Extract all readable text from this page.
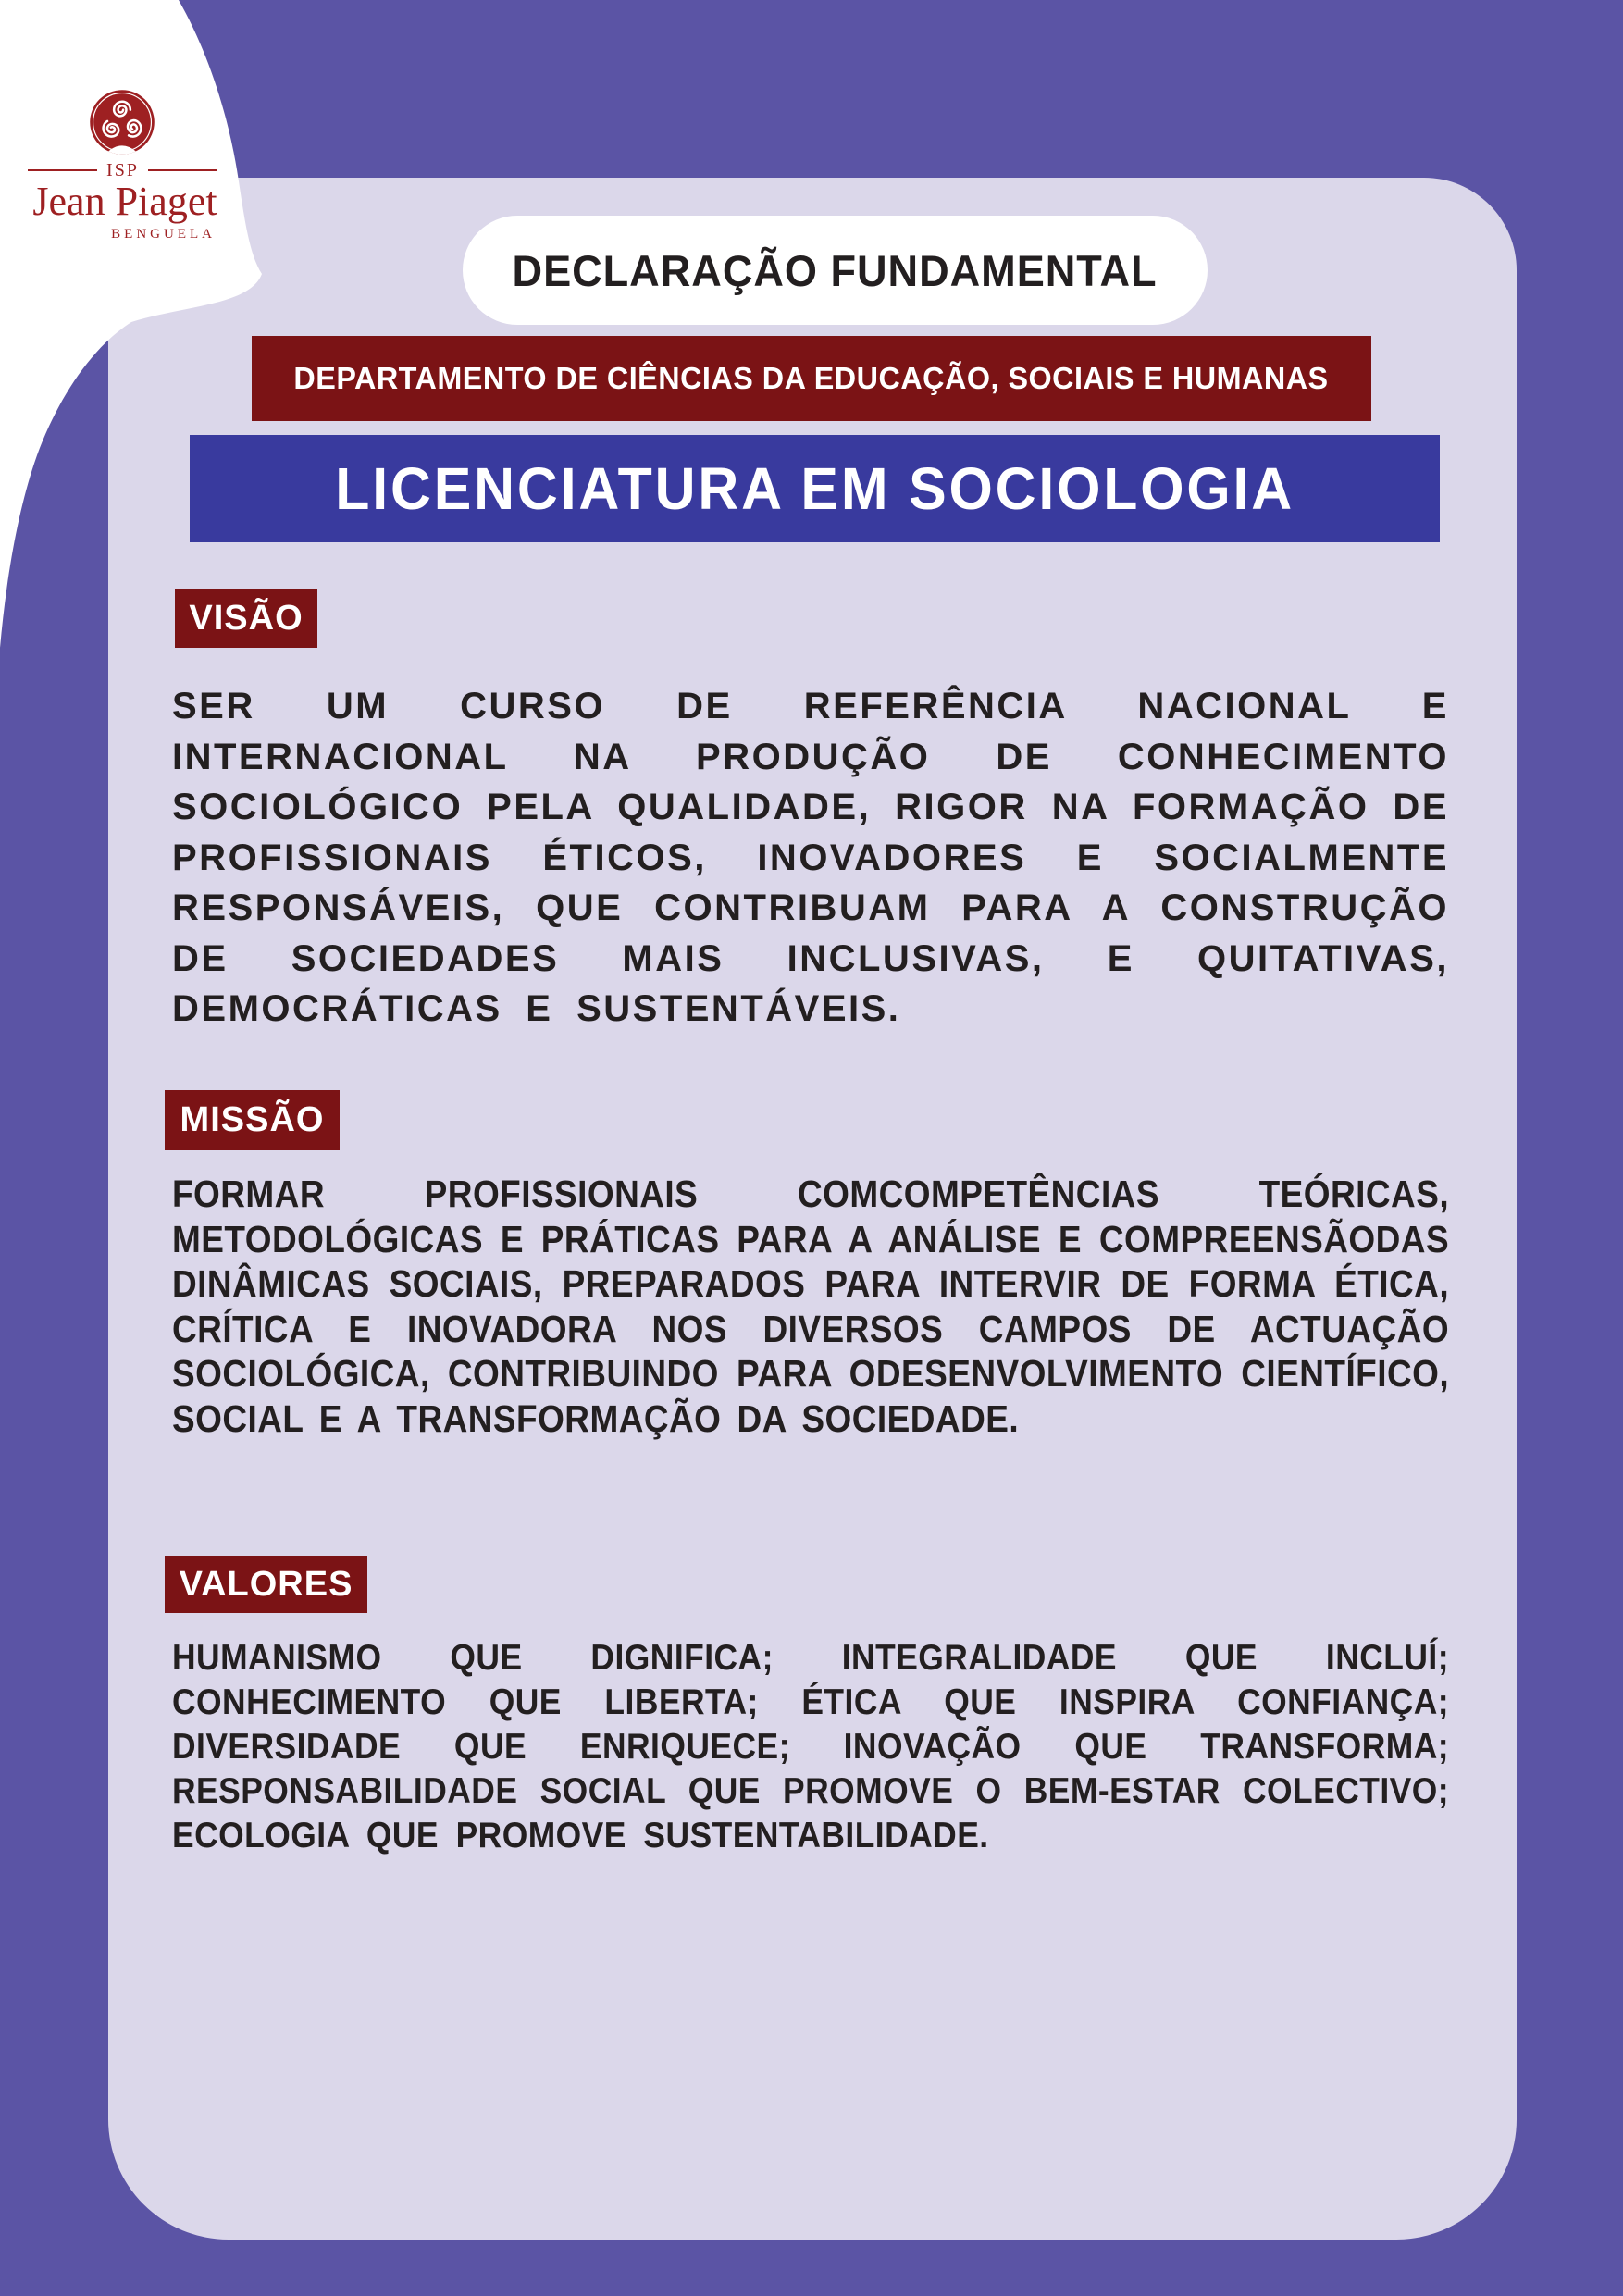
ISP
Jean Piaget
BENGUELA
DECLARAÇÃO FUNDAMENTAL
DEPARTAMENTO DE CIÊNCIAS DA EDUCAÇÃO, SOCIAIS E HUMANAS
LICENCIATURA EM SOCIOLOGIA
VISÃO
SER UM CURSO DE REFERÊNCIA NACIONAL E INTERNACIONAL NA PRODUÇÃO DE CONHECIMENTO SOCIOLÓGICO PELA QUALIDADE, RIGOR NA FORMAÇÃO DE PROFISSIONAIS ÉTICOS, INOVADORES E SOCIALMENTE RESPONSÁVEIS, QUE CONTRIBUAM PARA A CONSTRUÇÃO DE SOCIEDADES MAIS INCLUSIVAS, E QUITATIVAS, DEMOCRÁTICAS E SUSTENTÁVEIS.
MISSÃO
FORMAR PROFISSIONAIS COMCOMPETÊNCIAS TEÓRICAS, METODOLÓGICAS E PRÁTICAS PARA A ANÁLISE E COMPREENSÃODAS DINÂMICAS SOCIAIS, PREPARADOS PARA INTERVIR DE FORMA ÉTICA, CRÍTICA E INOVADORA NOS DIVERSOS CAMPOS DE ACTUAÇÃO SOCIOLÓGICA, CONTRIBUINDO PARA ODESENVOLVIMENTO CIENTÍFICO, SOCIAL E A TRANSFORMAÇÃO DA SOCIEDADE.
VALORES
HUMANISMO QUE DIGNIFICA; INTEGRALIDADE QUE INCLUÍ; CONHECIMENTO QUE LIBERTA; ÉTICA QUE INSPIRA CONFIANÇA; DIVERSIDADE QUE ENRIQUECE; INOVAÇÃO QUE TRANSFORMA; RESPONSABILIDADE SOCIAL QUE PROMOVE O BEM-ESTAR COLECTIVO; ECOLOGIA QUE PROMOVE SUSTENTABILIDADE.
